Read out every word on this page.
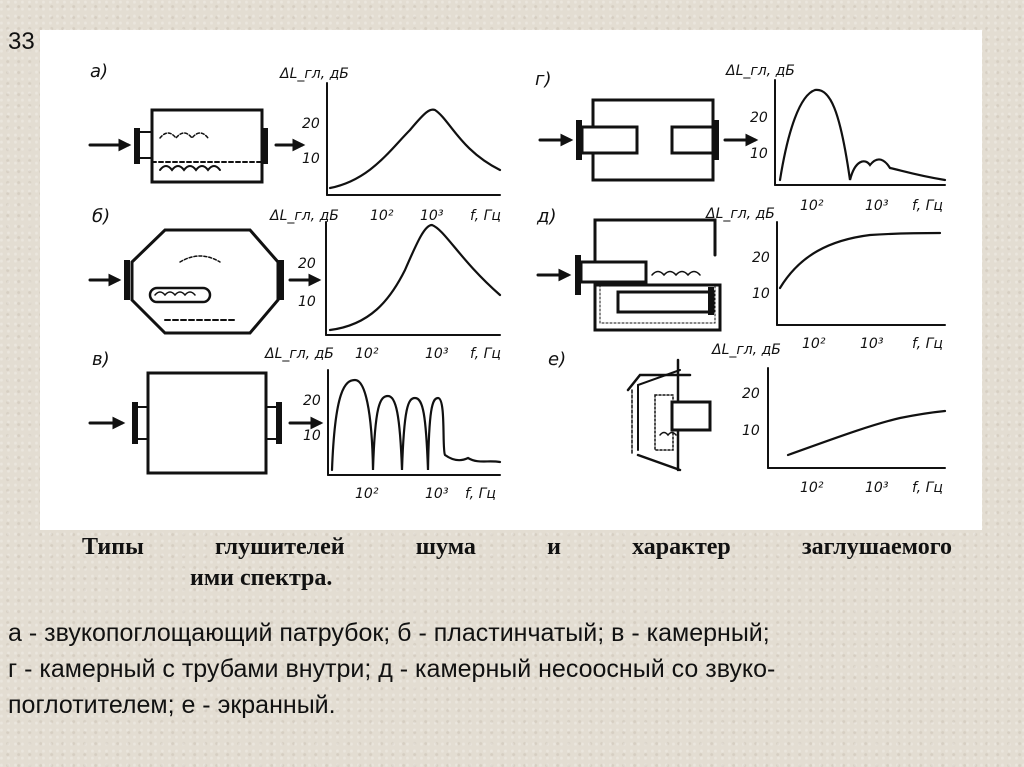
33
а)	ΔL_гл, дБ
20
10
10² 10³ f, Гц
г)	ΔL_гл, дБ
20
10
10²	10³ f, Гц
б)	ΔL_гл, дБ
20
10
10²	10³ f, Гц
д)	ΔL_гл, дБ
20
10
10² 10³ f, Гц
в)	ΔL_гл, дБ
20
10
10²	10³ f, Гц
е)	ΔL_гл, дБ
20
10
10²	10³ f, Гц
Типы глушителей шума и характер заглушаемого
ими спектра.
а - звукопоглощающий патрубок; б - пластинчатый; в - камерный;
г - камерный с трубами внутри; д - камерный несоосный со звуко-
поглотителем; е - экранный.
